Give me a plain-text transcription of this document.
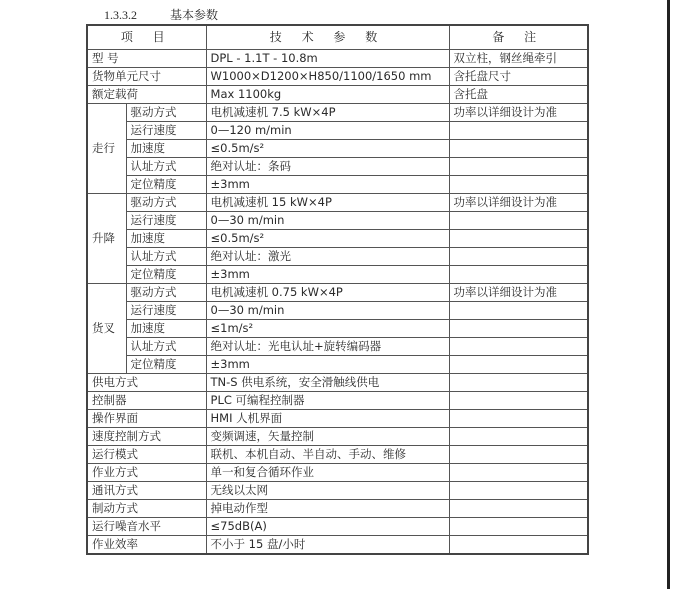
1.3.3.2	基本参数
项 目		技 术 参 数	备 注
型 号		DPL - 1.1T - 10.8m	双立柱，钢丝绳牵引
货物单元尺寸		W1000×D1200×H850/1100/1650 mm	含托盘尺寸
额定载荷		Max 1100kg	含托盘
走行	驱动方式	电机减速机 7.5 kW×4P	功率以详细设计为准
	运行速度	0—120 m/min	
	加速度	≤0.5m/s²	
	认址方式	绝对认址：条码	
	定位精度	±3mm	
升降	驱动方式	电机减速机 15 kW×4P	功率以详细设计为准
	运行速度	0—30 m/min	
	加速度	≤0.5m/s²	
	认址方式	绝对认址：激光	
	定位精度	±3mm	
货叉	驱动方式	电机减速机 0.75 kW×4P	功率以详细设计为准
	运行速度	0—30 m/min	
	加速度	≤1m/s²	
	认址方式	绝对认址：光电认址+旋转编码器	
	定位精度	±3mm	
供电方式		TN-S 供电系统，安全滑触线供电	
控制器		PLC 可编程控制器	
操作界面		HMI 人机界面	
速度控制方式		变频调速，矢量控制	
运行模式		联机、本机自动、半自动、手动、维修	
作业方式		单一和复合循环作业	
通讯方式		无线以太网	
制动方式		掉电动作型	
运行噪音水平		≤75dB(A)	
作业效率		不小于 15 盘/小时	
